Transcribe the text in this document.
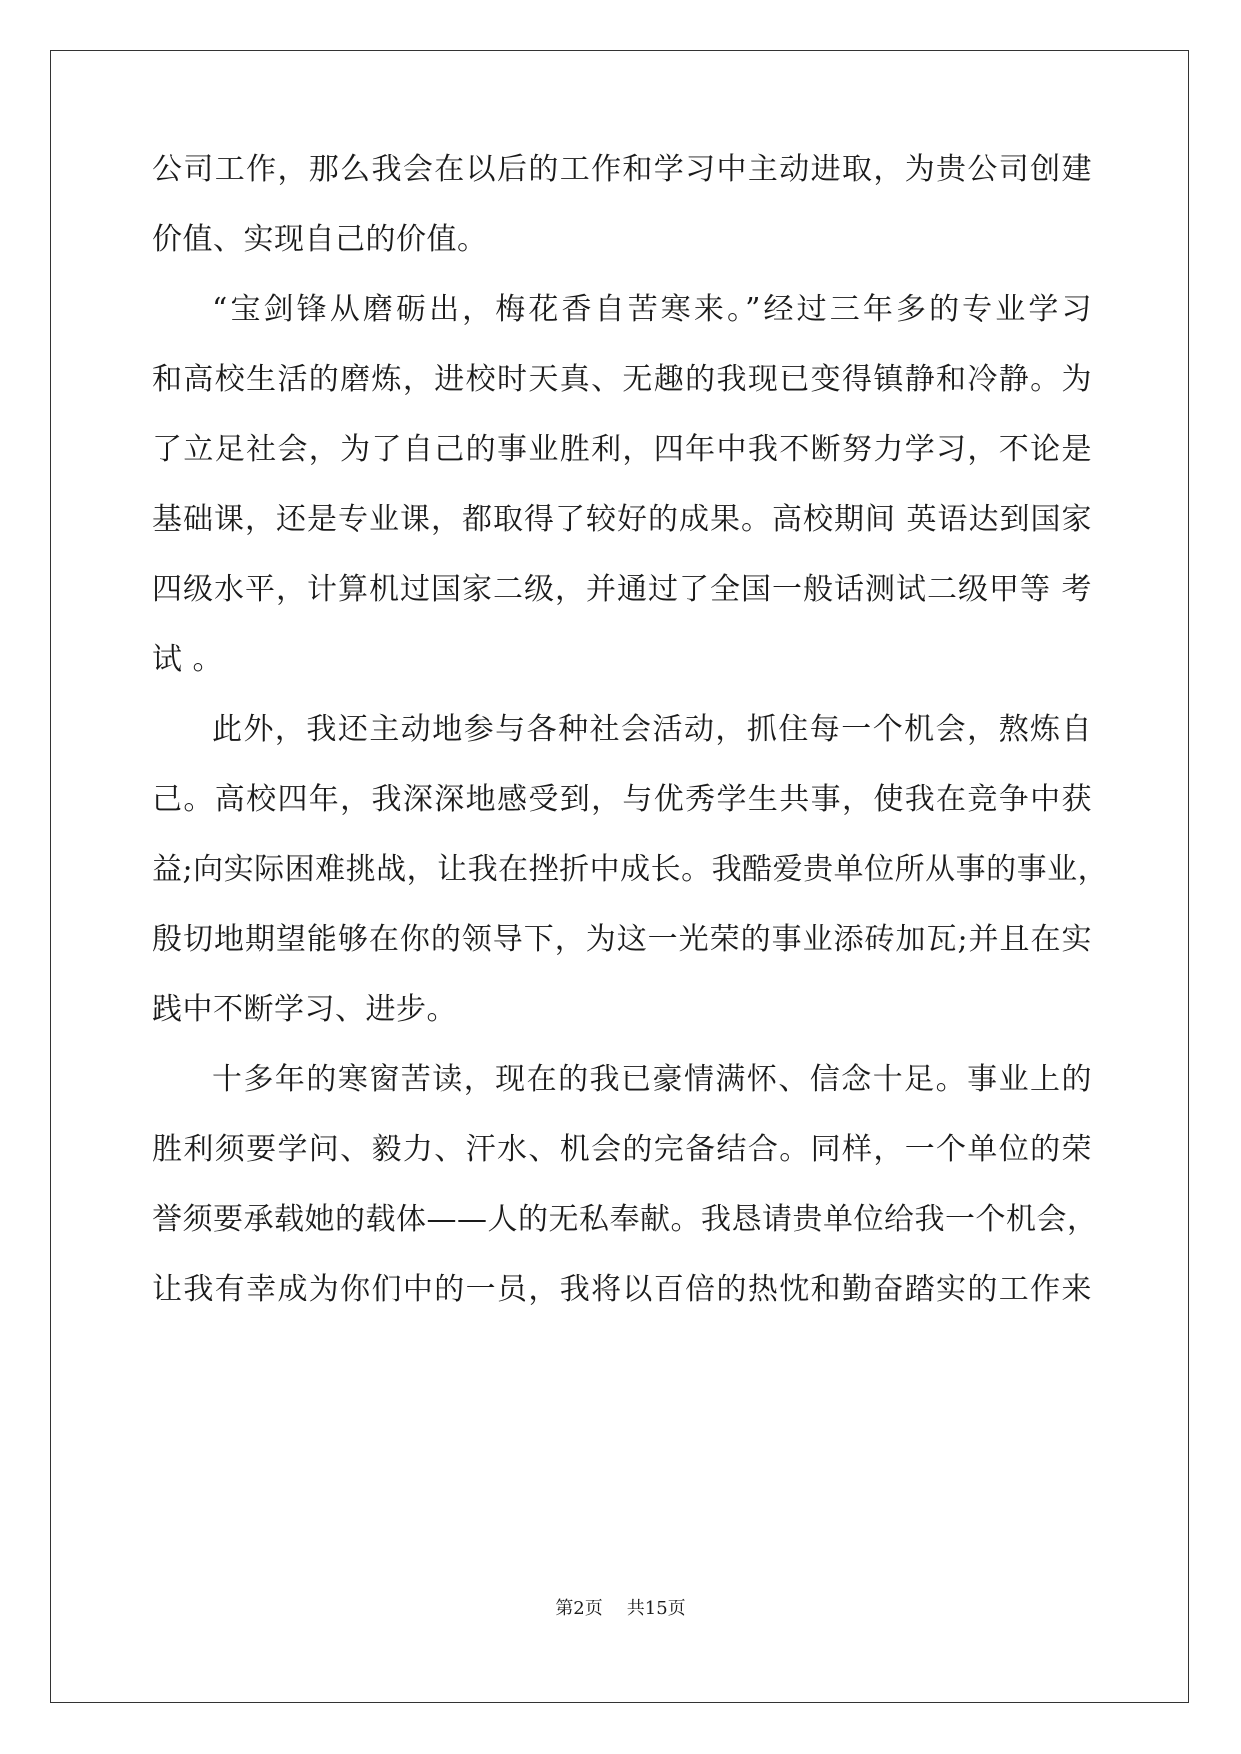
公司工作，那么我会在以后的工作和学习中主动进取，为贵公司创建
价值、实现自己的价值。
“宝剑锋从磨砺出，梅花香自苦寒来。”经过三年多的专业学习
和高校生活的磨炼，进校时天真、无趣的我现已变得镇静和冷静。为
了立足社会，为了自己的事业胜利，四年中我不断努力学习，不论是
基础课，还是专业课，都取得了较好的成果。高校期间 英语达到国家
四级水平，计算机过国家二级，并通过了全国一般话测试二级甲等 考
试 。
此外，我还主动地参与各种社会活动，抓住每一个机会，熬炼自
己。高校四年，我深深地感受到，与优秀学生共事，使我在竞争中获
益;向实际困难挑战，让我在挫折中成长。我酷爱贵单位所从事的事业，
殷切地期望能够在你的领导下，为这一光荣的事业添砖加瓦;并且在实
践中不断学习、进步。
十多年的寒窗苦读，现在的我已豪情满怀、信念十足。事业上的
胜利须要学问、毅力、汗水、机会的完备结合。同样，一个单位的荣
誉须要承载她的载体——人的无私奉献。我恳请贵单位给我一个机会，
让我有幸成为你们中的一员，我将以百倍的热忱和勤奋踏实的工作来
第2页 共15页
